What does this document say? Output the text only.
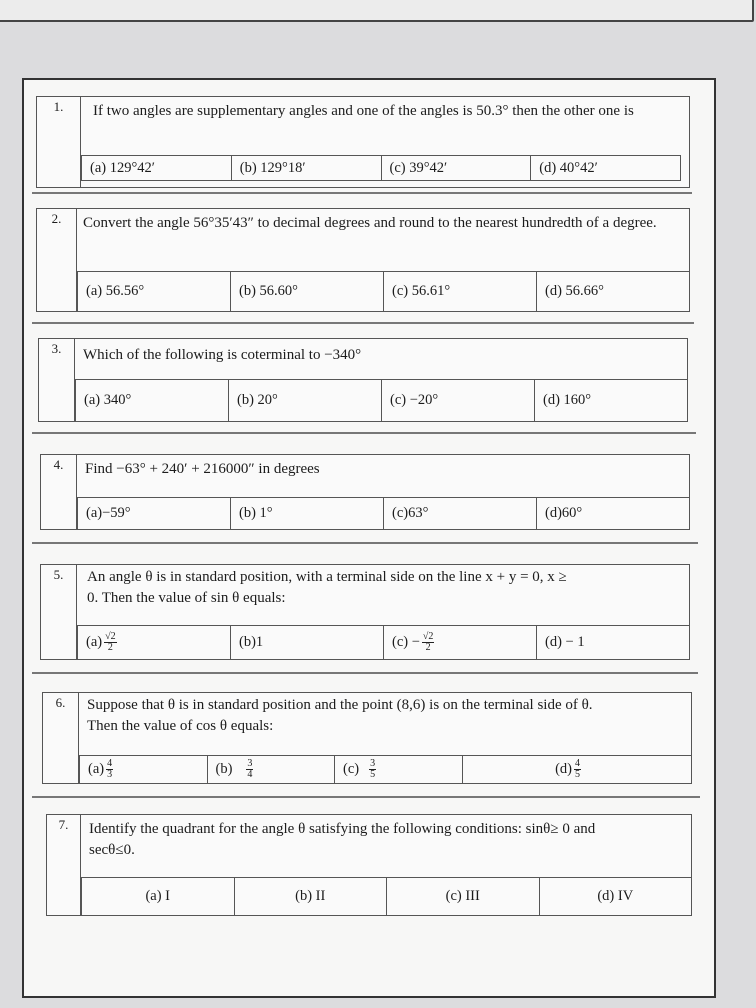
1.	If two angles are supplementary angles and one of the angles is 50.3° then the other one is
(a) 129°42′	(b) 129°18′	(c) 39°42′	(d) 40°42′
2.	Convert the angle 56°35′43″ to decimal degrees and round to the nearest hundredth of a degree.
(a) 56.56°	(b) 56.60°	(c) 56.61°	(d) 56.66°
3.	Which of the following is coterminal to −340°
(a) 340°	(b) 20°	(c) −20°	(d) 160°
4.	Find −63° + 240′ + 216000″ in degrees
(a)−59°	(b) 1°	(c)63°	(d)60°
5.	An angle θ is in standard position, with a terminal side on the line x + y = 0, x ≥ 0. Then the value of sin θ equals:
$(a) \frac{√2}{2}$	(b)1	$(c) - \frac{√2}{2}$	(d) − 1
6.	Suppose that θ is in standard position and the point (8,6) is on the terminal side of θ. Then the value of cos θ equals:
$(a) \frac{4}{3}$	$(b) \frac{3}{4}$	$(c) \frac{3}{5}$	$(d) \frac{4}{5}$
7.	Identify the quadrant for the angle θ satisfying the following conditions: sinθ≥ 0 and secθ≤0.
(a) I	(b) II	(c) III	(d) IV
